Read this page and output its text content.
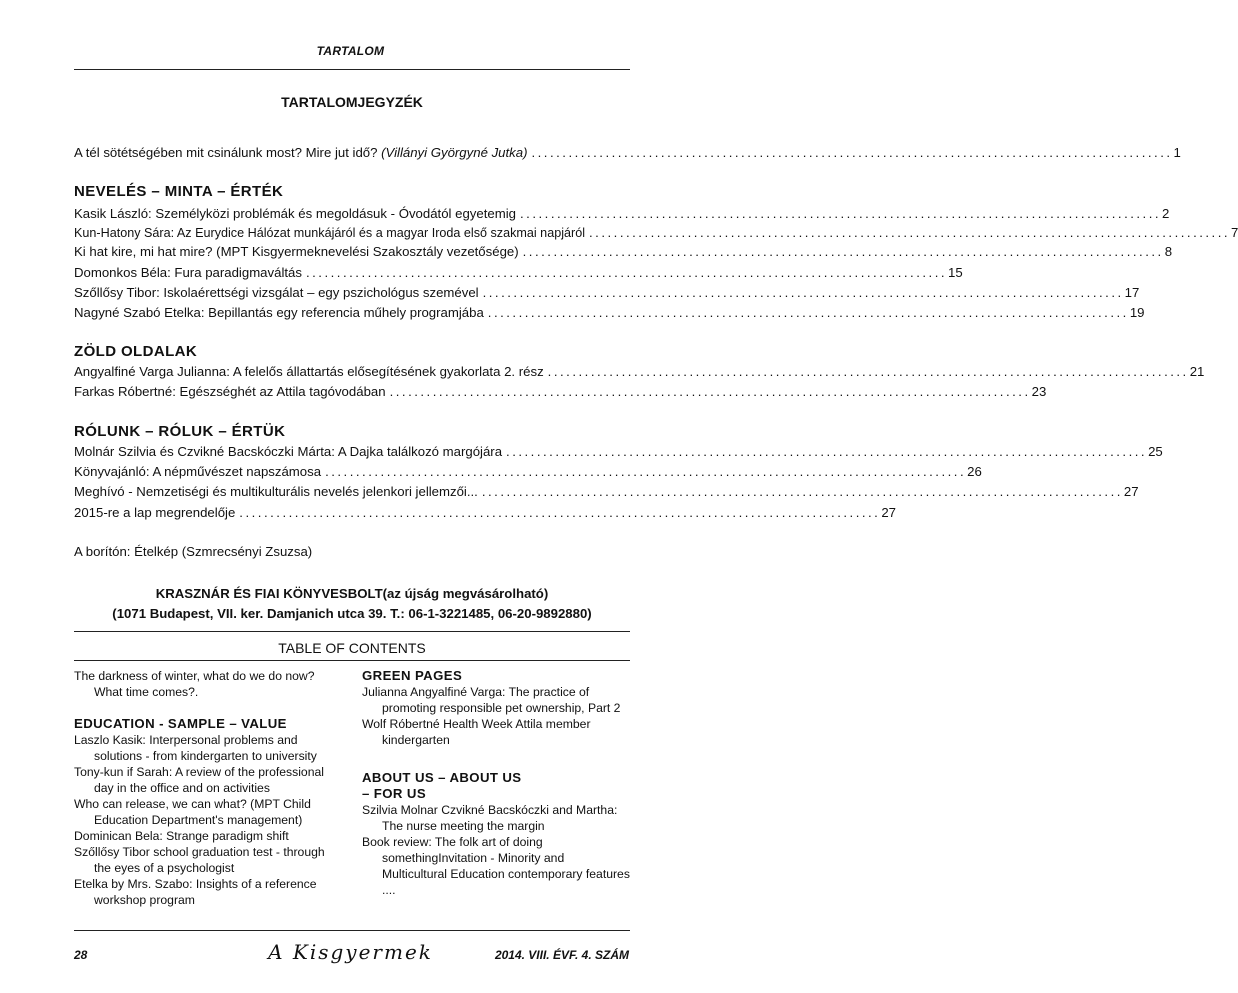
TARTALOM
TARTALOMJEGYZÉK
A tél sötétségében mit csinálunk most? Mire jut idő? (Villányi Györgyné Jutka) ........................................................................................................ 1
NEVELÉS – MINTA – ÉRTÉK
Kasik László: Személyközi problémák és megoldásuk - Óvodától egyetemig ........................................................................................................ 2
Kun-Hatony Sára: Az Eurydice Hálózat munkájáról és a magyar Iroda első szakmai napjáról ........................................................................................................ 7
Ki hat kire, mi hat mire? (MPT Kisgyermeknevelési Szakosztály vezetősége) ........................................................................................................ 8
Domonkos Béla: Fura paradigmaváltás ........................................................................................................ 15
Szőllősy Tibor: Iskolaérettségi vizsgálat – egy pszichológus szemével ........................................................................................................ 17
Nagyné Szabó Etelka: Bepillantás egy referencia műhely programjába ........................................................................................................ 19
ZÖLD OLDALAK
Angyalfiné Varga Julianna: A felelős állattartás elősegítésének gyakorlata 2. rész ........................................................................................................ 21
Farkas Róbertné: Egészséghét az Attila tagóvodában ........................................................................................................ 23
RÓLUNK – RÓLUK – ÉRTÜK
Molnár Szilvia és Czvikné Bacskóczki Márta: A Dajka találkozó margójára ........................................................................................................ 25
Könyvajánló: A népművészet napszámosa ........................................................................................................ 26
Meghívó - Nemzetiségi és multikulturális nevelés jelenkori jellemzői... ........................................................................................................ 27
2015-re a lap megrendelője ........................................................................................................ 27
A borítón: Ételkép (Szmrecsényi Zsuzsa)
KRASZNÁR ÉS FIAI KÖNYVESBOLT(az újság megvásárolható)
(1071 Budapest, VII. ker. Damjanich utca 39. T.: 06-1-3221485, 06-20-9892880)
TABLE OF CONTENTS

The darkness of winter, what do we do now? What time comes?.

EDUCATION - SAMPLE – VALUE

Laszlo Kasik: Interpersonal problems and solutions - from kindergarten to university

Tony-kun if Sarah: A review of the professional day in the office and on activities

Who can release, we can what? (MPT Child Education Department's management)

Dominican Bela: Strange paradigm shift

Szőllősy Tibor school graduation test - through the eyes of a psychologist

Etelka by Mrs. Szabo: Insights of a reference workshop program

GREEN PAGES

Julianna Angyalfiné Varga: The practice of promoting responsible pet ownership, Part 2

Wolf Róbertné Health Week Attila member kindergarten

ABOUT US – ABOUT US

– FOR US

Szilvia Molnar Czvikné Bacskóczki and Martha: The nurse meeting the margin

Book review: The folk art of doing somethingInvitation - Minority and Multicultural Education contemporary features ....

28	A Kisgyermek	2014. VIII. ÉVF. 4. SZÁM
